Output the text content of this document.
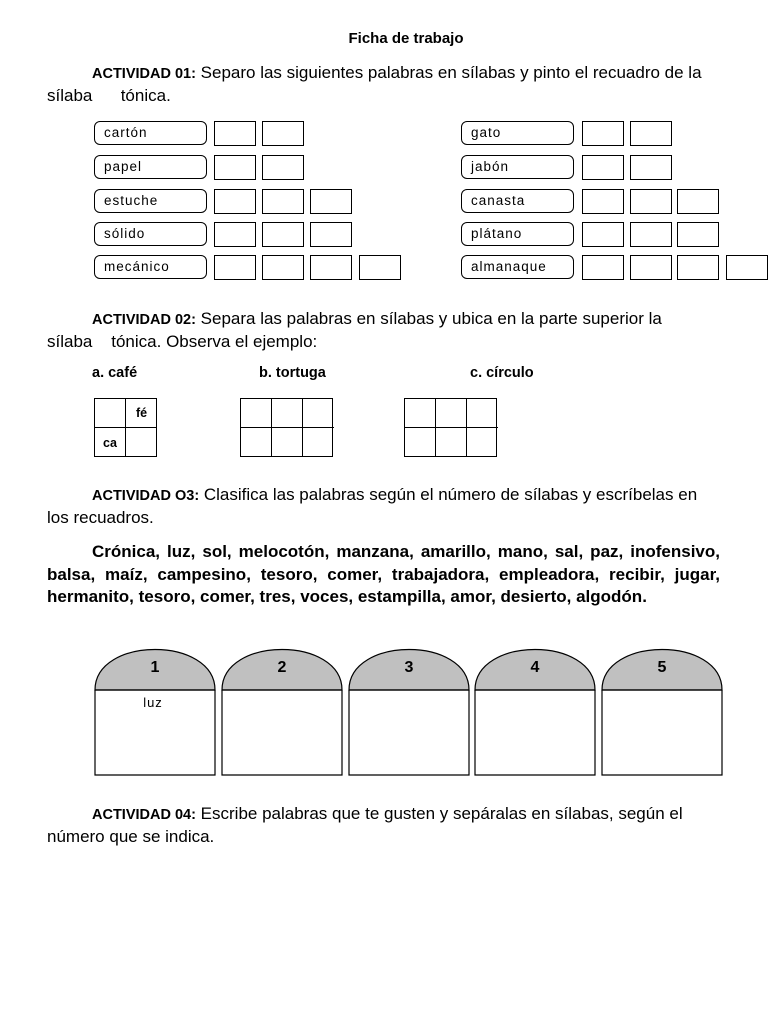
Ficha de trabajo
ACTIVIDAD 01: Separo las siguientes palabras en sílabas y pinto el recuadro de la sílaba      tónica.
cartón	gato
papel	jabón
estuche	canasta
sólido	plátano
mecánico	almanaque
ACTIVIDAD 02: Separa las palabras en sílabas y ubica en la parte superior la sílaba    tónica. Observa el ejemplo:
a. café	b. tortuga	c. círculo
fé
ca
ACTIVIDAD O3: Clasifica las palabras según el número de sílabas y escríbelas en los recuadros.
Crónica, luz, sol, melocotón, manzana, amarillo, mano, sal, paz, inofensivo, balsa, maíz, campesino, tesoro, comer, trabajadora, empleadora, recibir, jugar, hermanito, tesoro, comer, tres, voces, estampilla, amor, desierto, algodón.
1
luz
2	3	4	5
ACTIVIDAD 04: Escribe palabras que te gusten y sepáralas en sílabas, según el número que se indica.
